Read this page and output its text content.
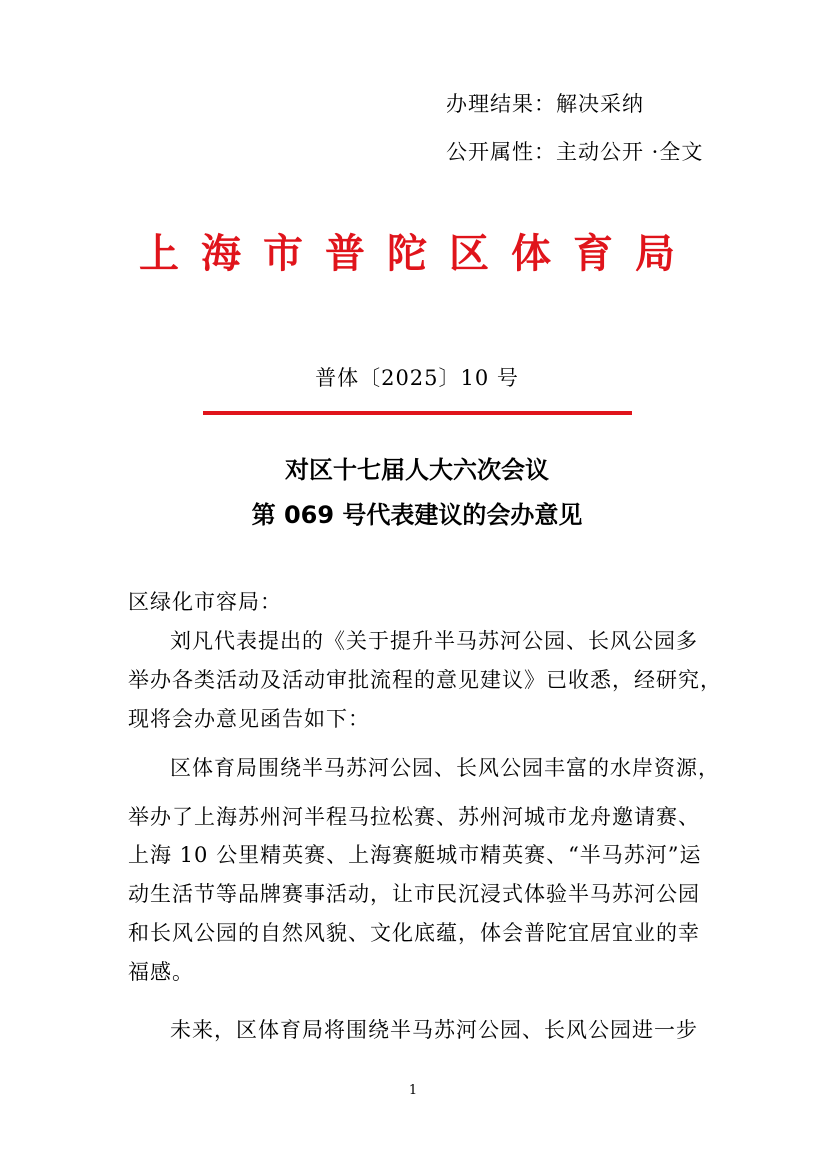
办理结果：解决采纳
公开属性：主动公开 ·全文
上海市普陀区体育局
普体〔2025〕10 号
对区十七届人大六次会议
第 069 号代表建议的会办意见
区绿化市容局：
刘凡代表提出的《关于提升半马苏河公园、长风公园多
举办各类活动及活动审批流程的意见建议》已收悉，经研究，
现将会办意见函告如下：
区体育局围绕半马苏河公园、长风公园丰富的水岸资源，
举办了上海苏州河半程马拉松赛、苏州河城市龙舟邀请赛、
上海 10 公里精英赛、上海赛艇城市精英赛、“半马苏河”运
动生活节等品牌赛事活动，让市民沉浸式体验半马苏河公园
和长风公园的自然风貌、文化底蕴，体会普陀宜居宜业的幸
福感。
未来，区体育局将围绕半马苏河公园、长风公园进一步
1
